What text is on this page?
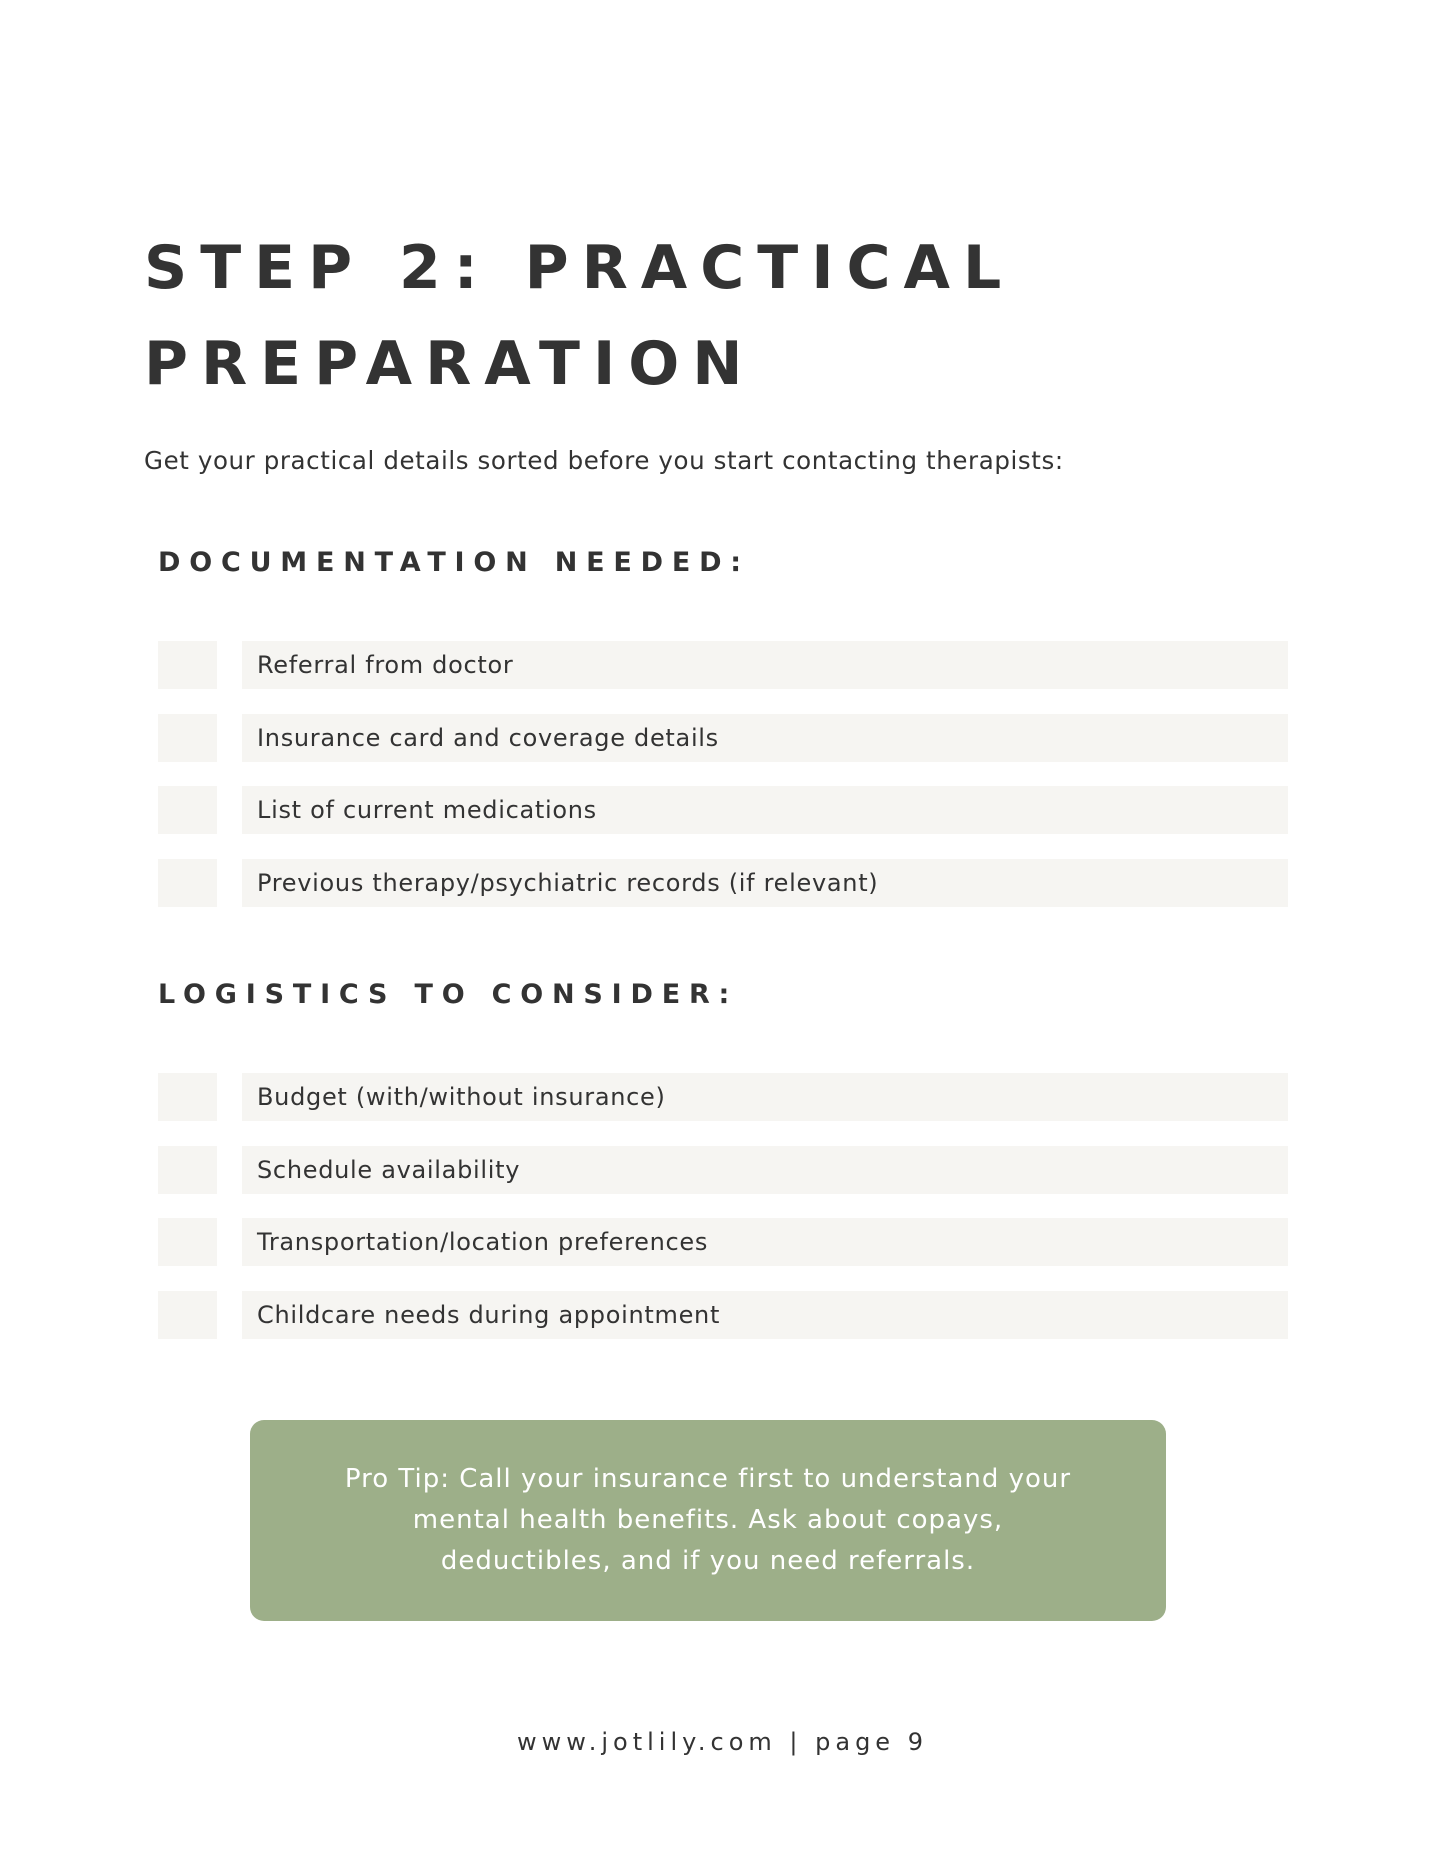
STEP 2: PRACTICAL
PREPARATION

Get your practical details sorted before you start contacting therapists:

DOCUMENTATION NEEDED:
Referral from doctor
Insurance card and coverage details
List of current medications
Previous therapy/psychiatric records (if relevant)
LOGISTICS TO CONSIDER:
Budget (with/without insurance)
Schedule availability
Transportation/location preferences
Childcare needs during appointment

Pro Tip: Call your insurance first to understand your mental health benefits. Ask about copays, deductibles, and if you need referrals.

www.jotlily.com | page 9
